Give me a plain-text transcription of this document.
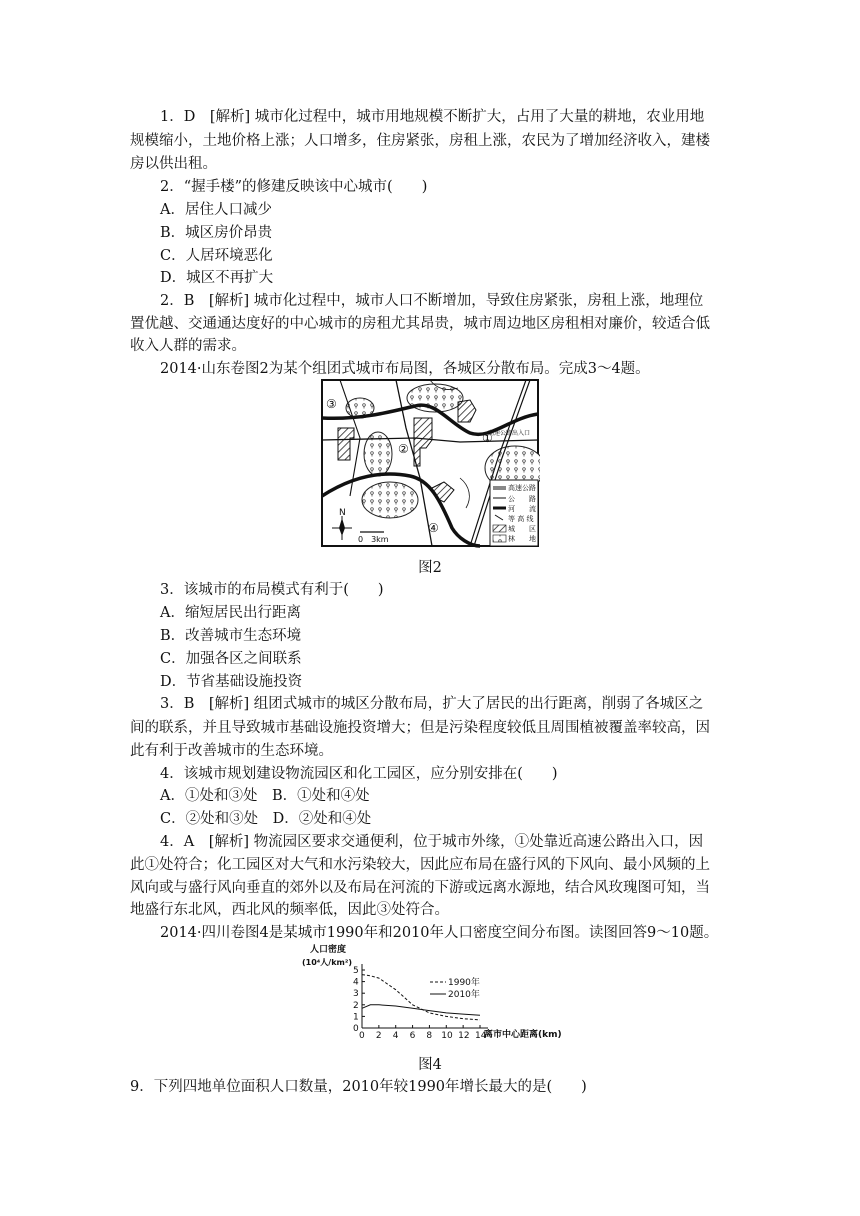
1．D　[解析] 城市化过程中，城市用地规模不断扩大，占用了大量的耕地，农业用地
规模缩小，土地价格上涨；人口增多，住房紧张，房租上涨，农民为了增加经济收入，建楼
房以供出租。
2．“握手楼”的修建反映该中心城市(　　)
A．居住人口减少
B．城区房价昂贵
C．人居环境恶化
D．城区不再扩大
2．B　[解析] 城市化过程中，城市人口不断增加，导致住房紧张，房租上涨，地理位
置优越、交通通达度好的中心城市的房租尤其昂贵，城市周边地区房租相对廉价，较适合低
收入人群的需求。
2014·山东卷图2为某个组团式城市布局图，各城区分散布局。完成3～4题。
③
②
①
④
高速公路出入口
N
0　3km
高速公路
公　　路
河　　流
等 高 线
城　　区
林　　地
图2
3．该城市的布局模式有利于(　　)
A．缩短居民出行距离
B．改善城市生态环境
C．加强各区之间联系
D．节省基础设施投资
3．B　[解析] 组团式城市的城区分散布局，扩大了居民的出行距离，削弱了各城区之
间的联系，并且导致城市基础设施投资增大；但是污染程度较低且周围植被覆盖率较高，因
此有利于改善城市的生态环境。
4．该城市规划建设物流园区和化工园区，应分别安排在(　　)
A．①处和③处　B．①处和④处
C．②处和③处　D．②处和④处
4．A　[解析] 物流园区要求交通便利，位于城市外缘，①处靠近高速公路出入口，因
此①处符合；化工园区对大气和水污染较大，因此应布局在盛行风的下风向、最小风频的上
风向或与盛行风向垂直的郊外以及布局在河流的下游或远离水源地，结合风玫瑰图可知，当
地盛行东北风，西北风的频率低，因此③处符合。
2014·四川卷图4是某城市1990年和2010年人口密度空间分布图。读图回答9～10题。
人口密度
(10⁴人/km²)
离市中心距离(km)
1990年
2010年
0
1
2
3
4
5
0 2 4 6 8 10 12 14
图4
9．下列四地单位面积人口数量，2010年较1990年增长最大的是(　　)
